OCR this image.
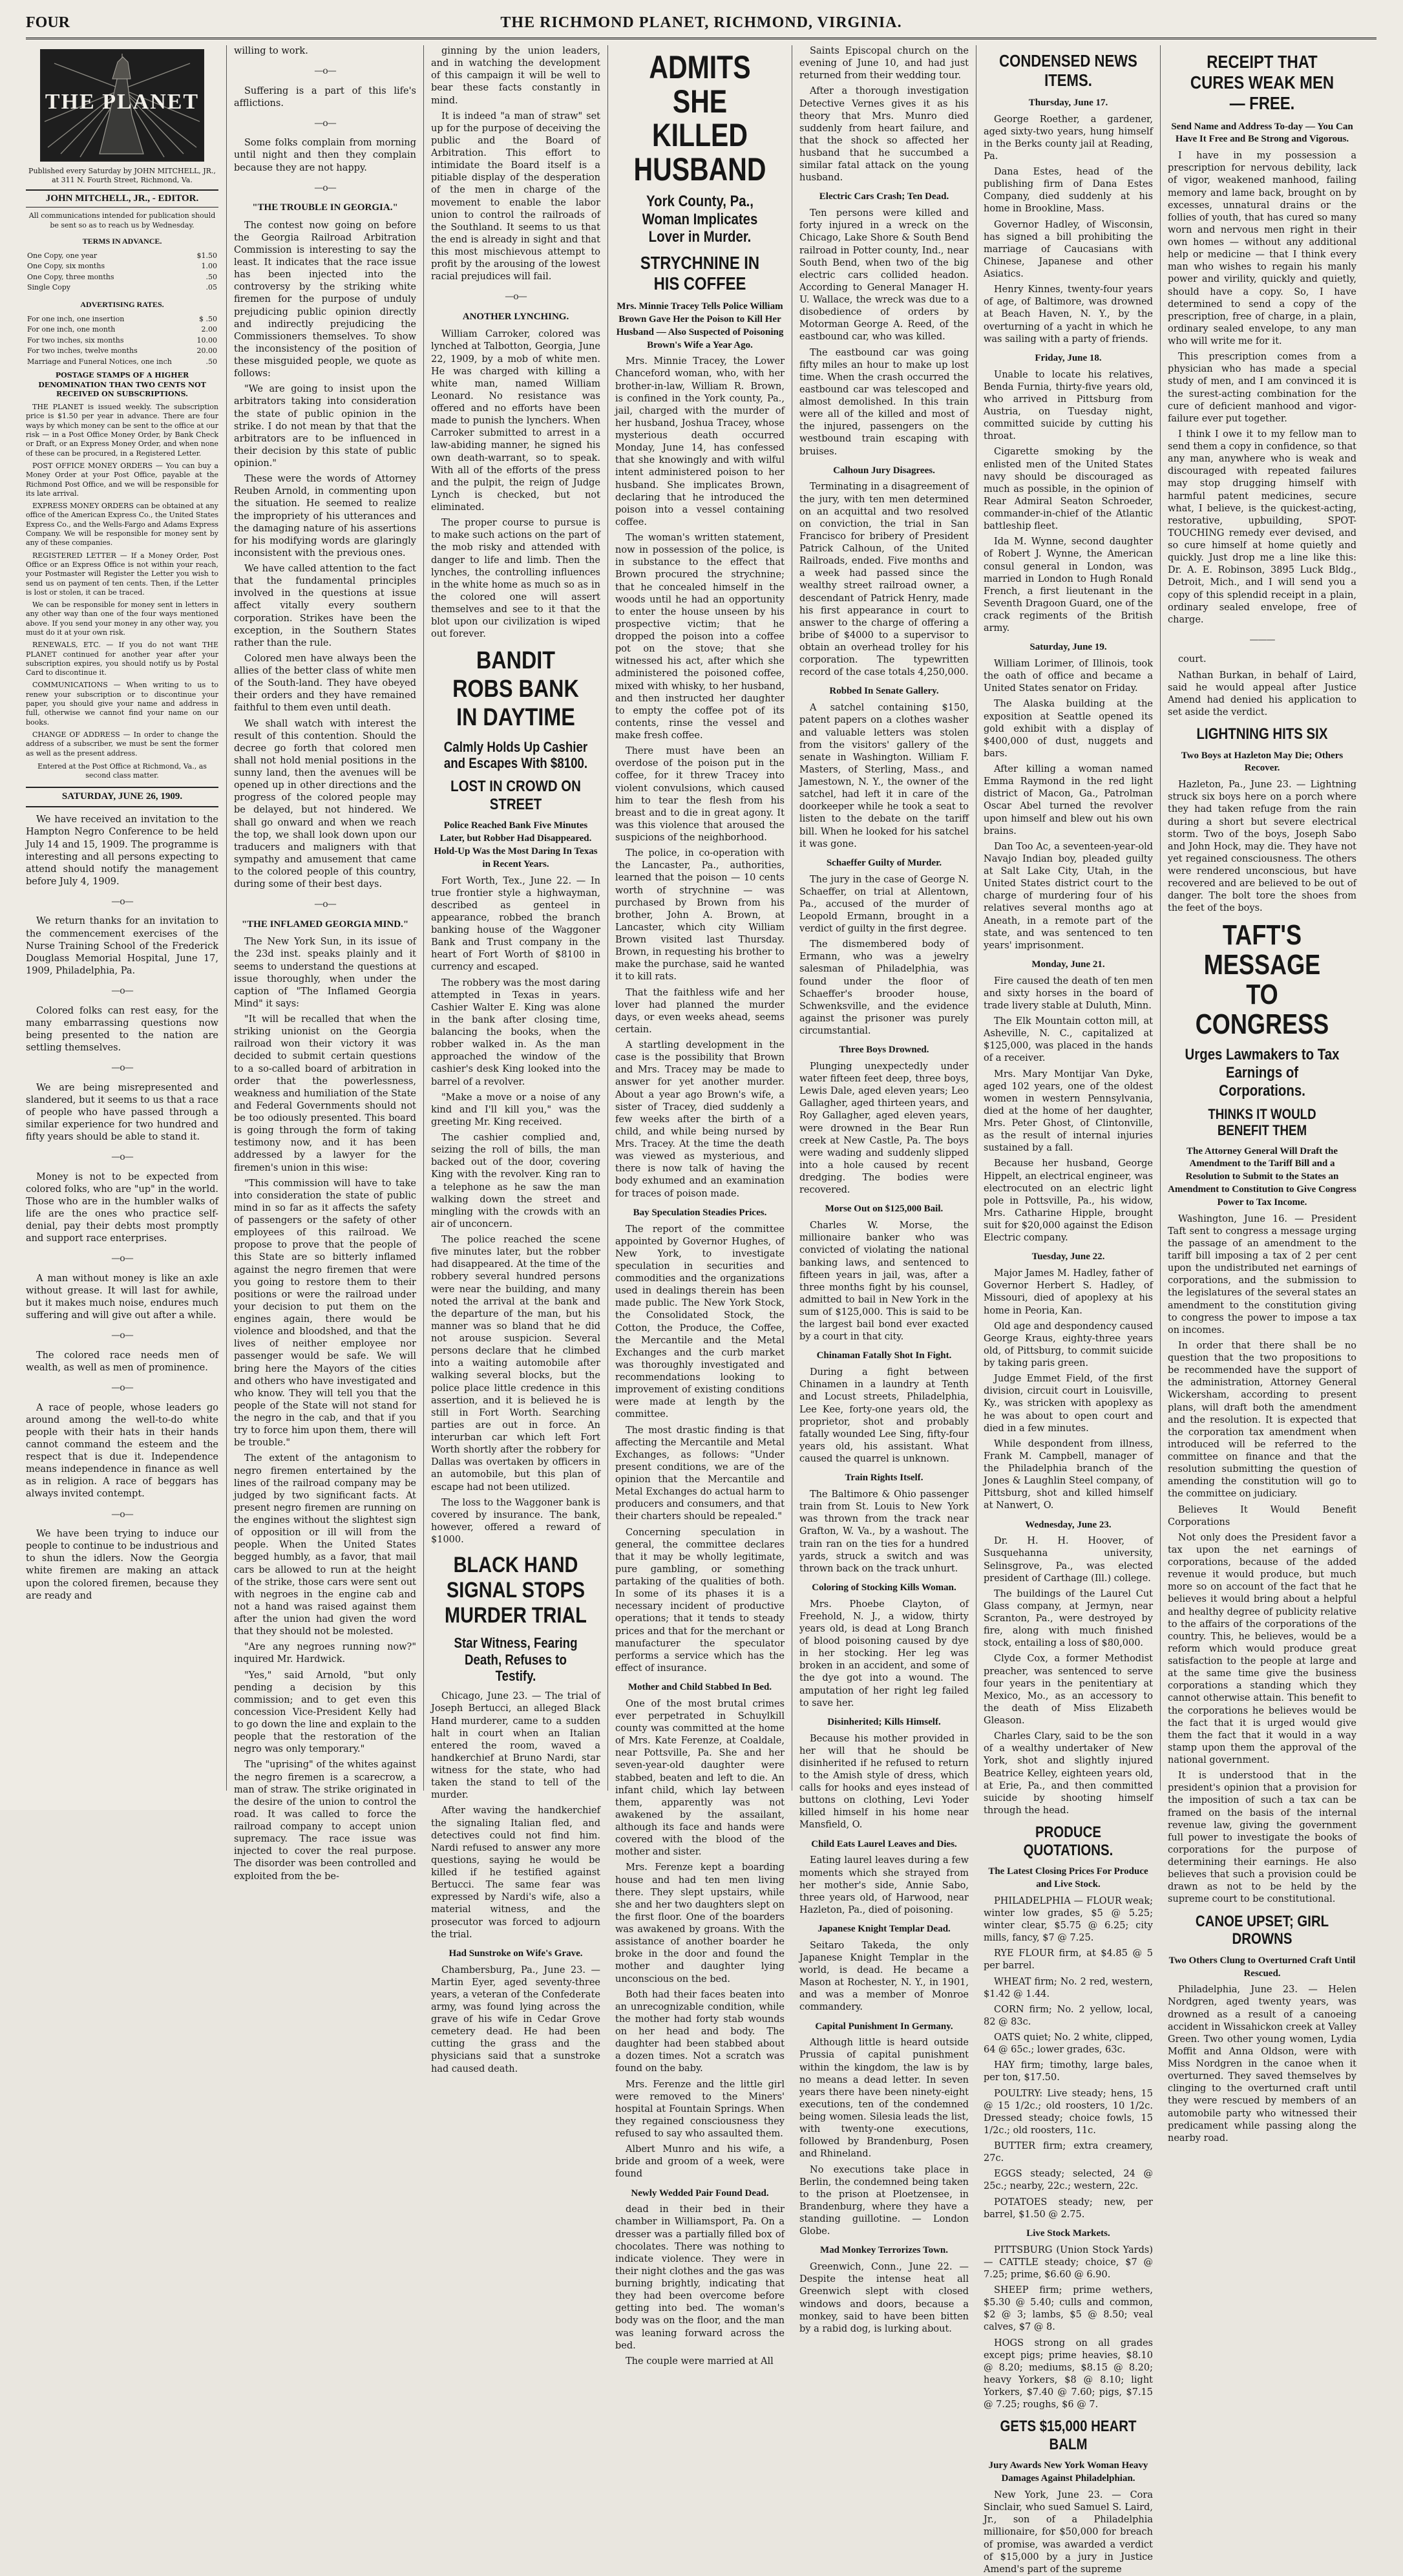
FOUR	THE RICHMOND PLANET, RICHMOND, VIRGINIA.
THE PLANET
Published every Saturday by JOHN MITCHELL, JR., at 311 N. Fourth Street, Richmond, Va.
JOHN MITCHELL, JR., - EDITOR.
All communications intended for publication should be sent so as to reach us by Wednesday.
TERMS IN ADVANCE.
One Copy, one year	$1.50
One Copy, six months	1.00
One Copy, three months	.50
Single Copy	.05
ADVERTISING RATES.
For one inch, one insertion	$ .50
For one inch, one month	2.00
For two inches, six months	10.00
For two inches, twelve months	20.00
Marriage and Funeral Notices, one inch	.50
POSTAGE STAMPS OF A HIGHER DENOMINATION THAN TWO CENTS NOT RECEIVED ON SUBSCRIPTIONS.

THE PLANET is issued weekly. The subscription price is $1.50 per year in advance. There are four ways by which money can be sent to the office at our risk — in a Post Office Money Order, by Bank Check or Draft, or an Express Money Order, and when none of these can be procured, in a Registered Letter.

POST OFFICE MONEY ORDERS — You can buy a Money Order at your Post Office, payable at the Richmond Post Office, and we will be responsible for its late arrival.

EXPRESS MONEY ORDERS can be obtained at any office of the American Express Co., the United States Express Co., and the Wells-Fargo and Adams Express Company. We will be responsible for money sent by any of these companies.

REGISTERED LETTER — If a Money Order, Post Office or an Express Office is not within your reach, your Postmaster will Register the Letter you wish to send us on payment of ten cents. Then, if the Letter is lost or stolen, it can be traced.

We can be responsible for money sent in letters in any other way than one of the four ways mentioned above. If you send your money in any other way, you must do it at your own risk.

RENEWALS, ETC. — If you do not want THE PLANET continued for another year after your subscription expires, you should notify us by Postal Card to discontinue it.

COMMUNICATIONS — When writing to us to renew your subscription or to discontinue your paper, you should give your name and address in full, otherwise we cannot find your name on our books.

CHANGE OF ADDRESS — In order to change the address of a subscriber, we must be sent the former as well as the present address.

Entered at the Post Office at Richmond, Va., as second class matter.
SATURDAY, JUNE 26, 1909.

We have received an invitation to the Hampton Negro Conference to be held July 14 and 15, 1909. The programme is interesting and all persons expecting to attend should notify the management before July 4, 1909.

—o—

We return thanks for an invitation to the commencement exercises of the Nurse Training School of the Frederick Douglass Memorial Hospital, June 17, 1909, Philadelphia, Pa.

—o—

Colored folks can rest easy, for the many embarrassing questions now being presented to the nation are settling themselves.

—o—

We are being misrepresented and slandered, but it seems to us that a race of people who have passed through a similar experience for two hundred and fifty years should be able to stand it.

—o—

Money is not to be expected from colored folks, who are "up" in the world. Those who are in the humbler walks of life are the ones who practice self-denial, pay their debts most promptly and support race enterprises.

—o—

A man without money is like an axle without grease. It will last for awhile, but it makes much noise, endures much suffering and will give out after a while.

—o—

The colored race needs men of wealth, as well as men of prominence.

—o—

A race of people, whose leaders go around among the well-to-do white people with their hats in their hands cannot command the esteem and the respect that is due it. Independence means independence in finance as well as in religion. A race of beggars has always invited contempt.

—o—

We have been trying to induce our people to continue to be industrious and to shun the idlers. Now the Georgia white firemen are making an attack upon the colored firemen, because they are ready and

willing to work.

—o—

Suffering is a part of this life's afflictions.

—o—

Some folks complain from morning until night and then they complain because they are not happy.

—o—
"THE TROUBLE IN GEORGIA."

The contest now going on before the Georgia Railroad Arbitration Commission is interesting to say the least. It indicates that the race issue has been injected into the controversy by the striking white firemen for the purpose of unduly prejudicing public opinion directly and indirectly prejudicing the Commissioners themselves. To show the inconsistency of the position of these misguided people, we quote as follows:

"We are going to insist upon the arbitrators taking into consideration the state of public opinion in the strike. I do not mean by that that the arbitrators are to be influenced in their decision by this state of public opinion."

These were the words of Attorney Reuben Arnold, in commenting upon the situation. He seemed to realize the impropriety of his utterances and the damaging nature of his assertions for his modifying words are glaringly inconsistent with the previous ones.

We have called attention to the fact that the fundamental principles involved in the questions at issue affect vitally every southern corporation. Strikes have been the exception, in the Southern States rather than the rule.

Colored men have always been the allies of the better class of white men of the South-land. They have obeyed their orders and they have remained faithful to them even until death.

We shall watch with interest the result of this contention. Should the decree go forth that colored men shall not hold menial positions in the sunny land, then the avenues will be opened up in other directions and the progress of the colored people may be delayed, but not hindered. We shall go onward and when we reach the top, we shall look down upon our traducers and maligners with that sympathy and amusement that came to the colored people of this country, during some of their best days.

—o—
"THE INFLAMED GEORGIA MIND."

The New York Sun, in its issue of the 23d inst. speaks plainly and it seems to understand the questions at issue thoroughly, when under the caption of "The Inflamed Georgia Mind" it says:

"It will be recalled that when the striking unionist on the Georgia railroad won their victory it was decided to submit certain questions to a so-called board of arbitration in order that the powerlessness, weakness and humiliation of the State and Federal Governments should not be too odiously presented. This board is going through the form of taking testimony now, and it has been addressed by a lawyer for the firemen's union in this wise:

"This commission will have to take into consideration the state of public mind in so far as it affects the safety of passengers or the safety of other employees of this railroad. We propose to prove that the people of this State are so bitterly inflamed against the negro firemen that were you going to restore them to their positions or were the railroad under your decision to put them on the engines again, there would be violence and bloodshed, and that the lives of neither employee nor passenger would be safe. We will bring here the Mayors of the cities and others who have investigated and who know. They will tell you that the people of the State will not stand for the negro in the cab, and that if you try to force him upon them, there will be trouble."

The extent of the antagonism to negro firemen entertained by the lines of the railroad company may be judged by two significant facts. At present negro firemen are running on the engines without the slightest sign of opposition or ill will from the people. When the United States begged humbly, as a favor, that mail cars be allowed to run at the height of the strike, those cars were sent out with negroes in the engine cab and not a hand was raised against them after the union had given the word that they should not be molested.

"Are any negroes running now?" inquired Mr. Hardwick.

"Yes," said Arnold, "but only pending a decision by this commission; and to get even this concession Vice-President Kelly had to go down the line and explain to the people that the restoration of the negro was only temporary."

The "uprising" of the whites against the negro firemen is a scarecrow, a man of straw. The strike originated in the desire of the union to control the road. It was called to force the railroad company to accept union supremacy. The race issue was injected to cover the real purpose. The disorder was been controlled and exploited from the be-

ginning by the union leaders, and in watching the development of this campaign it will be well to bear these facts constantly in mind.

It is indeed "a man of straw" set up for the purpose of deceiving the public and the Board of Arbitration. This effort to intimidate the Board itself is a pitiable display of the desperation of the men in charge of the movement to enable the labor union to control the railroads of the Southland. It seems to us that the end is already in sight and that this most mischievous attempt to profit by the arousing of the lowest racial prejudices will fail.

—o—
ANOTHER LYNCHING.

William Carroker, colored was lynched at Talbotton, Georgia, June 22, 1909, by a mob of white men. He was charged with killing a white man, named William Leonard. No resistance was offered and no efforts have been made to punish the lynchers. When Carroker submitted to arrest in a law-abiding manner, he signed his own death-warrant, so to speak. With all of the efforts of the press and the pulpit, the reign of Judge Lynch is checked, but not eliminated.

The proper course to pursue is to make such actions on the part of the mob risky and attended with danger to life and limb. Then the lynches, the controlling influences in the white home as much so as in the colored one will assert themselves and see to it that the blot upon our civilization is wiped out forever.

BANDIT ROBS BANK IN DAYTIME
Calmly Holds Up Cashier and Escapes With $8100.
LOST IN CROWD ON STREET
Police Reached Bank Five Minutes Later, but Robber Had Disappeared. Hold-Up Was the Most Daring In Texas in Recent Years.

Fort Worth, Tex., June 22. — In true frontier style a highwayman, described as genteel in appearance, robbed the branch banking house of the Waggoner Bank and Trust company in the heart of Fort Worth of $8100 in currency and escaped.

The robbery was the most daring attempted in Texas in years. Cashier Walter E. King was alone in the bank after closing time, balancing the books, when the robber walked in. As the man approached the window of the cashier's desk King looked into the barrel of a revolver.

"Make a move or a noise of any kind and I'll kill you," was the greeting Mr. King received.

The cashier complied and, seizing the roll of bills, the man backed out of the door, covering King with the revolver. King ran to a telephone as he saw the man walking down the street and mingling with the crowds with an air of unconcern.

The police reached the scene five minutes later, but the robber had disappeared. At the time of the robbery several hundred persons were near the building, and many noted the arrival at the bank and the departure of the man, but his manner was so bland that he did not arouse suspicion. Several persons declare that he climbed into a waiting automobile after walking several blocks, but the police place little credence in this assertion, and it is believed he is still in Fort Worth. Searching parties are out in force. An interurban car which left Fort Worth shortly after the robbery for Dallas was overtaken by officers in an automobile, but this plan of escape had not been utilized.

The loss to the Waggoner bank is covered by insurance. The bank, however, offered a reward of $1000.

BLACK HAND SIGNAL STOPS MURDER TRIAL
Star Witness, Fearing Death, Refuses to Testify.

Chicago, June 23. — The trial of Joseph Bertucci, an alleged Black Hand murderer, came to a sudden halt in court when an Italian entered the room, waved a handkerchief at Bruno Nardi, star witness for the state, who had taken the stand to tell of the murder.

After waving the handkerchief the signaling Italian fled, and detectives could not find him. Nardi refused to answer any more questions, saying he would be killed if he testified against Bertucci. The same fear was expressed by Nardi's wife, also a material witness, and the prosecutor was forced to adjourn the trial.

Had Sunstroke on Wife's Grave.

Chambersburg, Pa., June 23. — Martin Eyer, aged seventy-three years, a veteran of the Confederate army, was found lying across the grave of his wife in Cedar Grove cemetery dead. He had been cutting the grass and the physicians said that a sunstroke had caused death.

ADMITS SHE KILLED HUSBAND
York County, Pa., Woman Implicates Lover in Murder.
STRYCHNINE IN HIS COFFEE
Mrs. Minnie Tracey Tells Police William Brown Gave Her the Poison to Kill Her Husband — Also Suspected of Poisoning Brown's Wife a Year Ago.

Mrs. Minnie Tracey, the Lower Chanceford woman, who, with her brother-in-law, William R. Brown, is confined in the York county, Pa., jail, charged with the murder of her husband, Joshua Tracey, whose mysterious death occurred Monday, June 14, has confessed that she knowingly and with wilful intent administered poison to her husband. She implicates Brown, declaring that he introduced the poison into a vessel containing coffee.

The woman's written statement, now in possession of the police, is in substance to the effect that Brown procured the strychnine; that he concealed himself in the woods until he had an opportunity to enter the house unseen by his prospective victim; that he dropped the poison into a coffee pot on the stove; that she witnessed his act, after which she administered the poisoned coffee, mixed with whisky, to her husband, and then instructed her daughter to empty the coffee pot of its contents, rinse the vessel and make fresh coffee.

There must have been an overdose of the poison put in the coffee, for it threw Tracey into violent convulsions, which caused him to tear the flesh from his breast and to die in great agony. It was this violence that aroused the suspicions of the neighborhood.

The police, in co-operation with the Lancaster, Pa., authorities, learned that the poison — 10 cents worth of strychnine — was purchased by Brown from his brother, John A. Brown, at Lancaster, which city William Brown visited last Thursday. Brown, in requesting his brother to make the purchase, said he wanted it to kill rats.

That the faithless wife and her lover had planned the murder days, or even weeks ahead, seems certain.

A startling development in the case is the possibility that Brown and Mrs. Tracey may be made to answer for yet another murder. About a year ago Brown's wife, a sister of Tracey, died suddenly a few weeks after the birth of a child, and while being nursed by Mrs. Tracey. At the time the death was viewed as mysterious, and there is now talk of having the body exhumed and an examination for traces of poison made.

Bay Speculation Steadies Prices.

The report of the committee appointed by Governor Hughes, of New York, to investigate speculation in securities and commodities and the organizations used in dealings therein has been made public. The New York Stock, the Consolidated Stock, the Cotton, the Produce, the Coffee, the Mercantile and the Metal Exchanges and the curb market was thoroughly investigated and recommendations looking to improvement of existing conditions were made at length by the committee.

The most drastic finding is that affecting the Mercantile and Metal Exchanges, as follows: "Under present conditions, we are of the opinion that the Mercantile and Metal Exchanges do actual harm to producers and consumers, and that their charters should be repealed."

Concerning speculation in general, the committee declares that it may be wholly legitimate, pure gambling, or something partaking of the qualities of both. In some of its phases it is a necessary incident of productive operations; that it tends to steady prices and that for the merchant or manufacturer the speculator performs a service which has the effect of insurance.

Mother and Child Stabbed In Bed.

One of the most brutal crimes ever perpetrated in Schuylkill county was committed at the home of Mrs. Kate Ferenze, at Coaldale, near Pottsville, Pa. She and her seven-year-old daughter were stabbed, beaten and left to die. An infant child, which lay between them, apparently was not awakened by the assailant, although its face and hands were covered with the blood of the mother and sister.

Mrs. Ferenze kept a boarding house and had ten men living there. They slept upstairs, while she and her two daughters slept on the first floor. One of the boarders was awakened by groans. With the assistance of another boarder he broke in the door and found the mother and daughter lying unconscious on the bed.

Both had their faces beaten into an unrecognizable condition, while the mother had forty stab wounds on her head and body. The daughter had been stabbed about a dozen times. Not a scratch was found on the baby.

Mrs. Ferenze and the little girl were removed to the Miners' hospital at Fountain Springs. When they regained consciousness they refused to say who assaulted them.

Albert Munro and his wife, a bride and groom of a week, were found

Newly Wedded Pair Found Dead.

dead in their bed in their chamber in Williamsport, Pa. On a dresser was a partially filled box of chocolates. There was nothing to indicate violence. They were in their night clothes and the gas was burning brightly, indicating that they had been overcome before getting into bed. The woman's body was on the floor, and the man was leaning forward across the bed.

The couple were married at All

Saints Episcopal church on the evening of June 10, and had just returned from their wedding tour.

After a thorough investigation Detective Vernes gives it as his theory that Mrs. Munro died suddenly from heart failure, and that the shock so affected her husband that he succumbed a similar fatal attack on the young husband.

Electric Cars Crash; Ten Dead.

Ten persons were killed and forty injured in a wreck on the Chicago, Lake Shore & South Bend railroad in Potter county, Ind., near South Bend, when two of the big electric cars collided headon. According to General Manager H. U. Wallace, the wreck was due to a disobedience of orders by Motorman George A. Reed, of the eastbound car, who was killed.

The eastbound car was going fifty miles an hour to make up lost time. When the crash occurred the eastbound car was telescoped and almost demolished. In this train were all of the killed and most of the injured, passengers on the westbound train escaping with bruises.

Calhoun Jury Disagrees.

Terminating in a disagreement of the jury, with ten men determined on an acquittal and two resolved on conviction, the trial in San Francisco for bribery of President Patrick Calhoun, of the United Railroads, ended. Five months and a week had passed since the wealthy street railroad owner, a descendant of Patrick Henry, made his first appearance in court to answer to the charge of offering a bribe of $4000 to a supervisor to obtain an overhead trolley for his corporation. The typewritten record of the case totals 4,250,000.

Robbed In Senate Gallery.

A satchel containing $150, patent papers on a clothes washer and valuable letters was stolen from the visitors' gallery of the senate in Washington. William F. Masters, of Sterling, Mass., and Jamestown, N. Y., the owner of the satchel, had left it in care of the doorkeeper while he took a seat to listen to the debate on the tariff bill. When he looked for his satchel it was gone.

Schaeffer Guilty of Murder.

The jury in the case of George N. Schaeffer, on trial at Allentown, Pa., accused of the murder of Leopold Ermann, brought in a verdict of guilty in the first degree.

The dismembered body of Ermann, who was a jewelry salesman of Philadelphia, was found under the floor of Schaeffer's brooder house, Schwenksville, and the evidence against the prisoner was purely circumstantial.

Three Boys Drowned.

Plunging unexpectedly under water fifteen feet deep, three boys, Lewis Dale, aged eleven years; Leo Gallagher, aged thirteen years, and Roy Gallagher, aged eleven years, were drowned in the Bear Run creek at New Castle, Pa. The boys were wading and suddenly slipped into a hole caused by recent dredging. The bodies were recovered.

Morse Out on $125,000 Bail.

Charles W. Morse, the millionaire banker who was convicted of violating the national banking laws, and sentenced to fifteen years in jail, was, after a three months fight by his counsel, admitted to bail in New York in the sum of $125,000. This is said to be the largest bail bond ever exacted by a court in that city.

Chinaman Fatally Shot In Fight.

During a fight between Chinamen in a laundry at Tenth and Locust streets, Philadelphia, Lee Kee, forty-one years old, the proprietor, shot and probably fatally wounded Lee Sing, fifty-four years old, his assistant. What caused the quarrel is unknown.

Train Rights Itself.

The Baltimore & Ohio passenger train from St. Louis to New York was thrown from the track near Grafton, W. Va., by a washout. The train ran on the ties for a hundred yards, struck a switch and was thrown back on the track unhurt.

Coloring of Stocking Kills Woman.

Mrs. Phoebe Clayton, of Freehold, N. J., a widow, thirty years old, is dead at Long Branch of blood poisoning caused by dye in her stocking. Her leg was broken in an accident, and some of the dye got into a wound. The amputation of her right leg failed to save her.

Disinherited; Kills Himself.

Because his mother provided in her will that he should be disinherited if he refused to return to the Amish style of dress, which calls for hooks and eyes instead of buttons on clothing, Levi Yoder killed himself in his home near Mansfield, O.

Child Eats Laurel Leaves and Dies.

Eating laurel leaves during a few moments which she strayed from her mother's side, Annie Sabo, three years old, of Harwood, near Hazleton, Pa., died of poisoning.

Japanese Knight Templar Dead.

Seitaro Takeda, the only Japanese Knight Templar in the world, is dead. He became a Mason at Rochester, N. Y., in 1901, and was a member of Monroe commandery.

Capital Punishment In Germany.

Although little is heard outside Prussia of capital punishment within the kingdom, the law is by no means a dead letter. In seven years there have been ninety-eight executions, ten of the condemned being women. Silesia leads the list, with twenty-one executions, followed by Brandenburg, Posen and Rhineland.

No executions take place in Berlin, the condemned being taken to the prison at Ploetzensee, in Brandenburg, where they have a standing guillotine. — London Globe.

Mad Monkey Terrorizes Town.

Greenwich, Conn., June 22. — Despite the intense heat all Greenwich slept with closed windows and doors, because a monkey, said to have been bitten by a rabid dog, is lurking about.

CONDENSED NEWS ITEMS.
Thursday, June 17.

George Roether, a gardener, aged sixty-two years, hung himself in the Berks county jail at Reading, Pa.

Dana Estes, head of the publishing firm of Dana Estes Company, died suddenly at his home in Brookline, Mass.

Governor Hadley, of Wisconsin, has signed a bill prohibiting the marriage of Caucasians with Chinese, Japanese and other Asiatics.

Henry Kinnes, twenty-four years of age, of Baltimore, was drowned at Beach Haven, N. Y., by the overturning of a yacht in which he was sailing with a party of friends.

Friday, June 18.

Unable to locate his relatives, Benda Furnia, thirty-five years old, who arrived in Pittsburg from Austria, on Tuesday night, committed suicide by cutting his throat.

Cigarette smoking by the enlisted men of the United States navy should be discouraged as much as possible, in the opinion of Rear Admiral Seaton Schroeder, commander-in-chief of the Atlantic battleship fleet.

Ida M. Wynne, second daughter of Robert J. Wynne, the American consul general in London, was married in London to Hugh Ronald French, a first lieutenant in the Seventh Dragoon Guard, one of the crack regiments of the British army.

Saturday, June 19.

William Lorimer, of Illinois, took the oath of office and became a United States senator on Friday.

The Alaska building at the exposition at Seattle opened its gold exhibit with a display of $400,000 of dust, nuggets and bars.

After killing a woman named Emma Raymond in the red light district of Macon, Ga., Patrolman Oscar Abel turned the revolver upon himself and blew out his own brains.

Dan Too Ac, a seventeen-year-old Navajo Indian boy, pleaded guilty at Salt Lake City, Utah, in the United States district court to the charge of murdering four of his relatives several months ago at Aneath, in a remote part of the state, and was sentenced to ten years' imprisonment.

Monday, June 21.

Fire caused the death of ten men and sixty horses in the board of trade livery stable at Duluth, Minn.

The Elk Mountain cotton mill, at Asheville, N. C., capitalized at $125,000, was placed in the hands of a receiver.

Mrs. Mary Montijar Van Dyke, aged 102 years, one of the oldest women in western Pennsylvania, died at the home of her daughter, Mrs. Peter Ghost, of Clintonville, as the result of internal injuries sustained by a fall.

Because her husband, George Hippelt, an electrical engineer, was electrocuted on an electric light pole in Pottsville, Pa., his widow, Mrs. Catharine Hipple, brought suit for $20,000 against the Edison Electric company.

Tuesday, June 22.

Major James M. Hadley, father of Governor Herbert S. Hadley, of Missouri, died of apoplexy at his home in Peoria, Kan.

Old age and despondency caused George Kraus, eighty-three years old, of Pittsburg, to commit suicide by taking paris green.

Judge Emmet Field, of the first division, circuit court in Louisville, Ky., was stricken with apoplexy as he was about to open court and died in a few minutes.

While despondent from illness, Frank M. Campbell, manager of the Philadelphia branch of the Jones & Laughlin Steel company, of Pittsburg, shot and killed himself at Nanwert, O.

Wednesday, June 23.

Dr. H. H. Hoover, of Susquehanna university, Selinsgrove, Pa., was elected president of Carthage (Ill.) college.

The buildings of the Laurel Cut Glass company, at Jermyn, near Scranton, Pa., were destroyed by fire, along with much finished stock, entailing a loss of $80,000.

Clyde Cox, a former Methodist preacher, was sentenced to serve four years in the penitentiary at Mexico, Mo., as an accessory to the death of Miss Elizabeth Gleason.

Charles Clary, said to be the son of a wealthy undertaker of New York, shot and slightly injured Beatrice Kelley, eighteen years old, at Erie, Pa., and then committed suicide by shooting himself through the head.

PRODUCE QUOTATIONS.
The Latest Closing Prices For Produce and Live Stock.

PHILADELPHIA — FLOUR weak; winter low grades, $5 @ 5.25; winter clear, $5.75 @ 6.25; city mills, fancy, $7 @ 7.25.

RYE FLOUR firm, at $4.85 @ 5 per barrel.

WHEAT firm; No. 2 red, western, $1.42 @ 1.44.

CORN firm; No. 2 yellow, local, 82 @ 83c.

OATS quiet; No. 2 white, clipped, 64 @ 65c.; lower grades, 63c.

HAY firm; timothy, large bales, per ton, $17.50.

POULTRY: Live steady; hens, 15 @ 15 1/2c.; old roosters, 10 1/2c. Dressed steady; choice fowls, 15 1/2c.; old roosters, 11c.

BUTTER firm; extra creamery, 27c.

EGGS steady; selected, 24 @ 25c.; nearby, 22c.; western, 22c.

POTATOES steady; new, per barrel, $1.50 @ 2.75.

Live Stock Markets.

PITTSBURG (Union Stock Yards) — CATTLE steady; choice, $7 @ 7.25; prime, $6.60 @ 6.90.

SHEEP firm; prime wethers, $5.30 @ 5.40; culls and common, $2 @ 3; lambs, $5 @ 8.50; veal calves, $7 @ 8.

HOGS strong on all grades except pigs; prime heavies, $8.10 @ 8.20; mediums, $8.15 @ 8.20; heavy Yorkers, $8 @ 8.10; light Yorkers, $7.40 @ 7.60; pigs, $7.15 @ 7.25; roughs, $6 @ 7.

GETS $15,000 HEART BALM
Jury Awards New York Woman Heavy Damages Against Philadelphian.

New York, June 23. — Cora Sinclair, who sued Samuel S. Laird, Jr., son of a Philadelphia millionaire, for $50,000 for breach of promise, was awarded a verdict of $15,000 by a jury in Justice Amend's part of the supreme

RECEIPT THAT CURES WEAK MEN — FREE.
Send Name and Address To-day — You Can Have It Free and Be Strong and Vigorous.

I have in my possession a prescription for nervous debility, lack of vigor, weakened manhood, failing memory and lame back, brought on by excesses, unnatural drains or the follies of youth, that has cured so many worn and nervous men right in their own homes — without any additional help or medicine — that I think every man who wishes to regain his manly power and virility, quickly and quietly, should have a copy. So, I have determined to send a copy of the prescription, free of charge, in a plain, ordinary sealed envelope, to any man who will write me for it.

This prescription comes from a physician who has made a special study of men, and I am convinced it is the surest-acting combination for the cure of deficient manhood and vigor-failure ever put together.

I think I owe it to my fellow man to send them a copy in confidence, so that any man, anywhere who is weak and discouraged with repeated failures may stop drugging himself with harmful patent medicines, secure what, I believe, is the quickest-acting, restorative, upbuilding, SPOT-TOUCHING remedy ever devised, and so cure himself at home quietly and quickly. Just drop me a line like this: Dr. A. E. Robinson, 3895 Luck Bldg., Detroit, Mich., and I will send you a copy of this splendid receipt in a plain, ordinary sealed envelope, free of charge.

———

court.

Nathan Burkan, in behalf of Laird, said he would appeal after Justice Amend had denied his application to set aside the verdict.

LIGHTNING HITS SIX
Two Boys at Hazleton May Die; Others Recover.

Hazleton, Pa., June 23. — Lightning struck six boys here on a porch where they had taken refuge from the rain during a short but severe electrical storm. Two of the boys, Joseph Sabo and John Hock, may die. They have not yet regained consciousness. The others were rendered unconscious, but have recovered and are believed to be out of danger. The bolt tore the shoes from the feet of the boys.

TAFT'S MESSAGE TO CONGRESS
Urges Lawmakers to Tax Earnings of Corporations.
THINKS IT WOULD BENEFIT THEM
The Attorney General Will Draft the Amendment to the Tariff Bill and a Resolution to Submit to the States an Amendment to Constitution to Give Congress Power to Tax Income.

Washington, June 16. — President Taft sent to congress a message urging the passage of an amendment to the tariff bill imposing a tax of 2 per cent upon the undistributed net earnings of corporations, and the submission to the legislatures of the several states an amendment to the constitution giving to congress the power to impose a tax on incomes.

In order that there shall be no question that the two propositions to be recommended have the support of the administration, Attorney General Wickersham, according to present plans, will draft both the amendment and the resolution. It is expected that the corporation tax amendment when introduced will be referred to the committee on finance and that the resolution submitting the question of amending the constitution will go to the committee on judiciary.

Believes It Would Benefit Corporations

Not only does the President favor a tax upon the net earnings of corporations, because of the added revenue it would produce, but much more so on account of the fact that he believes it would bring about a helpful and healthy degree of publicity relative to the affairs of the corporations of the country. This, he believes, would be a reform which would produce great satisfaction to the people at large and at the same time give the business corporations a standing which they cannot otherwise attain. This benefit to the corporations he believes would be the fact that it is urged would give them the fact that it would in a way stamp upon them the approval of the national government.

It is understood that in the president's opinion that a provision for the imposition of such a tax can be framed on the basis of the internal revenue law, giving the government full power to investigate the books of corporations for the purpose of determining their earnings. He also believes that such a provision could be drawn as not to be held by the supreme court to be constitutional.

CANOE UPSET; GIRL DROWNS
Two Others Clung to Overturned Craft Until Rescued.

Philadelphia, June 23. — Helen Nordgren, aged twenty years, was drowned as a result of a canoeing accident in Wissahickon creek at Valley Green. Two other young women, Lydia Moffit and Anna Oldson, were with Miss Nordgren in the canoe when it overturned. They saved themselves by clinging to the overturned craft until they were rescued by members of an automobile party who witnessed their predicament while passing along the nearby road.
